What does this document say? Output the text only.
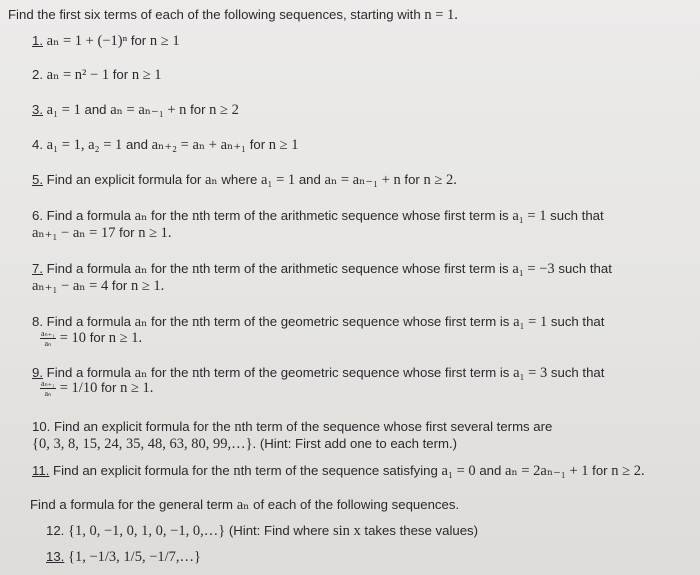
Find the first six terms of each of the following sequences, starting with n = 1.
1. aₙ = 1 + (−1)ⁿ for n ≥ 1
2. aₙ = n² − 1 for n ≥ 1
3. a₁ = 1 and aₙ = aₙ₋₁ + n for n ≥ 2
4. a₁ = 1, a₂ = 1 and aₙ₊₂ = aₙ + aₙ₊₁ for n ≥ 1
5. Find an explicit formula for aₙ where a₁ = 1 and aₙ = aₙ₋₁ + n for n ≥ 2.
6. Find a formula aₙ for the nth term of the arithmetic sequence whose first term is a₁ = 1 such that
aₙ₊₁ − aₙ = 17 for n ≥ 1.
7. Find a formula aₙ for the nth term of the arithmetic sequence whose first term is a₁ = −3 such that
aₙ₊₁ − aₙ = 4 for n ≥ 1.
8. Find a formula aₙ for the nth term of the geometric sequence whose first term is a₁ = 1 such that
$\frac{\text{aₙ₊₁}}{\text{aₙ}} = 10$ for n ≥ 1.
9. Find a formula aₙ for the nth term of the geometric sequence whose first term is a₁ = 3 such that
$\frac{\text{aₙ₊₁}}{\text{aₙ}} = 1/10$ for n ≥ 1.
10. Find an explicit formula for the nth term of the sequence whose first several terms are
{0, 3, 8, 15, 24, 35, 48, 63, 80, 99,…}. (Hint: First add one to each term.)
11. Find an explicit formula for the nth term of the sequence satisfying a₁ = 0 and aₙ = 2aₙ₋₁ + 1 for n ≥ 2.
Find a formula for the general term aₙ of each of the following sequences.
12. {1, 0, −1, 0, 1, 0, −1, 0,…} (Hint: Find where sin x takes these values)
13. {1, −1/3, 1/5, −1/7,…}
